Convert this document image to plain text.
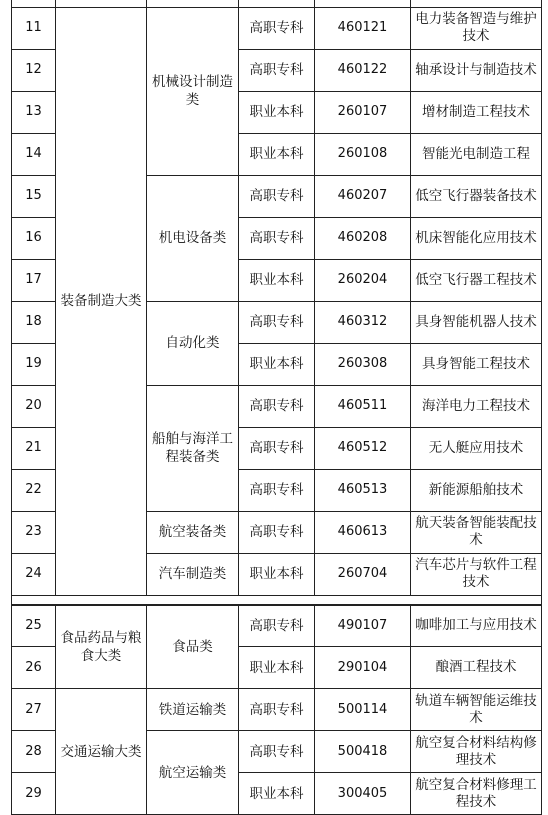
11	装备制造大类	机械设计制造类	高职专科	460121	电力装备智造与维护技术
12			高职专科	460122	轴承设计与制造技术
13			职业本科	260107	增材制造工程技术
14			职业本科	260108	智能光电制造工程
15		机电设备类	高职专科	460207	低空飞行器装备技术
16			高职专科	460208	机床智能化应用技术
17			职业本科	260204	低空飞行器工程技术
18		自动化类	高职专科	460312	具身智能机器人技术
19			职业本科	260308	具身智能工程技术
20		船舶与海洋工程装备类	高职专科	460511	海洋电力工程技术
21			高职专科	460512	无人艇应用技术
22			高职专科	460513	新能源船舶技术
23		航空装备类	高职专科	460613	航天装备智能装配技术
24		汽车制造类	职业本科	260704	汽车芯片与软件工程技术

25	食品药品与粮食大类	食品类	高职专科	490107	咖啡加工与应用技术
26			职业本科	290104	酿酒工程技术
27	交通运输大类	铁道运输类	高职专科	500114	轨道车辆智能运维技术
28		航空运输类	高职专科	500418	航空复合材料结构修理技术
29			职业本科	300405	航空复合材料修理工程技术
